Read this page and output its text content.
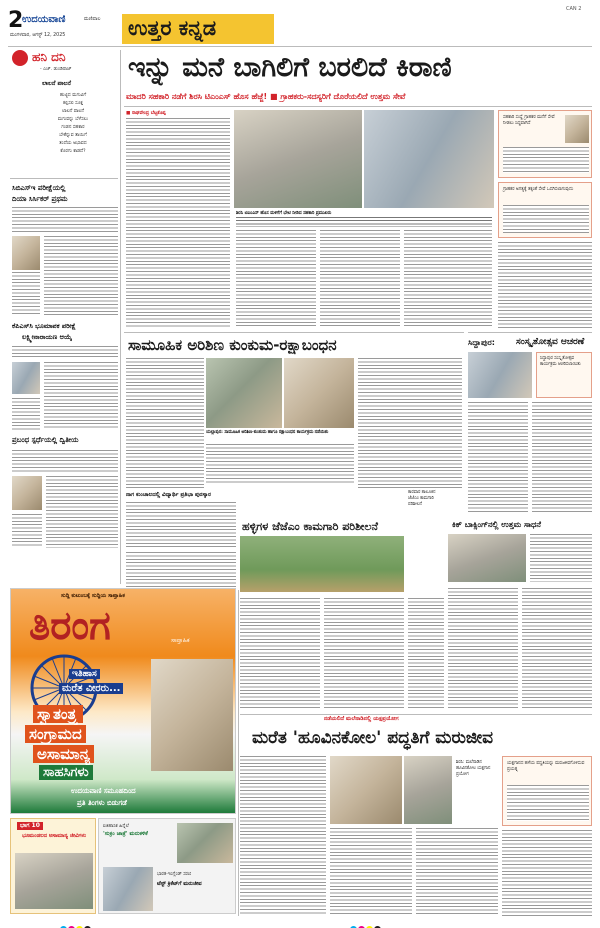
2
ಉದಯವಾಣಿ	ಮಣಿಪಾಲ
ಮಂಗಳವಾರ, ಆಗಸ್ಟ್ 12, 2025	ಉತ್ತರ ಕನ್ನಡ
CAN 2
ಹನಿ ದನಿ
- ಎಚ್. ಡುಂಡಿರಾಜ್
ಲಾಲನೆ ಪಾಲನೆ
ಹುಟ್ಟಿದ ಮಗುವಿಗೆ
ಕಲ್ಪಿಸಲಿ ಸೂಕ್ತ
ಲಾಲನೆ ಪಾಲನೆ
ಮಗುವನ್ನು ಬೆಳೆಸಲು
ಗಂಡನ ಸಹಕಾರ
ಬೇಕೆನ್ನುವ ತಾಯಿಗೆ
ತಂದೆಯ ಅಭಾವದ
ಕೊರಗು ಕಾಡದೆ?
ಸಿಬಿಎಸ್‌ಇ ಪರೀಕ್ಷೆಯಲ್ಲಿ
ದಿಯಾ ಸಿರ್ಸಿಕರ್ ಪ್ರಥಮ
ಕೆಪಿಎಸ್‌ಸಿ ಭೂಮಾಪಕ ಪರೀಕ್ಷೆ
ಲಕ್ಷ್ಮೀನಾರಾಯಣ ಆಯ್ಕೆ
ಪ್ರಬಂಧ ಸ್ಪರ್ಧೆಯಲ್ಲಿ ದ್ವಿತೀಯ
ಇನ್ನು ಮನೆ ಬಾಗಿಲಿಗೆ ಬರಲಿದೆ ಕಿರಾಣಿ
ಮಾದರಿ ಸಹಕಾರಿ ನಡೆಗೆ ಶಿರಸಿ ಟಿಎಂಎಸ್ ಹೊಸ ಹೆಜ್ಜೆ! ■ ಗ್ರಾಹಕರು-ಸದಸ್ಯರಿಗೆ ದೊರೆಯಲಿದೆ ಉತ್ತಮ ಸೇವೆ
■ ರಾಘವೇಂದ್ರ ಬೆಟ್ಟಕೊಪ್ಪ
ಶಿರಸಿ ಟಿಎಂಎಸ್ ಹೊಸ ಮಳಿಗೆಗೆ ಭೇಟಿ ನೀಡಿದ ಸಹಕಾರಿ ಪ್ರಮುಖರು
ಸಹಕಾರಿ ಸಂಸ್ಥೆ ಗ್ರಾಹಕರ ಮನೆಗೆ ಸೇವೆ ನೀಡಲು ಸಿದ್ಧವಾಗಿದೆ
ಗ್ರಾಹಕರ ಅಗತ್ಯಕ್ಕೆ ತಕ್ಕಂತೆ ಸೇವೆ ಒದಗಿಸಲಾಗುವುದು
ಸಾಮೂಹಿಕ ಅರಿಶಿಣ ಕುಂಕುಮ-ರಕ್ಷಾಬಂಧನ
ಯಲ್ಲಾಪುರ: ಸಾಮೂಹಿಕ ಅರಿಶಿಣ-ಕುಂಕುಮ ಹಾಗೂ ರಕ್ಷಾಬಂಧನ ಕಾರ್ಯಕ್ರಮ ನಡೆಯಿತು
ನಾಗ ಕುಂಚಾಲದಲ್ಲಿ ವಿದ್ಯಾರ್ಥಿ ಪ್ರತಿಭಾ ಪುರಸ್ಕಾರ
ಸಿದ್ದಾಪುರ: ಸಂಸ್ಕೃತೋತ್ಸವ ಆಚರಣೆ
ಸಿದ್ದಾಪುರ ಸಂಸ್ಕೃತೋತ್ಸವ ಕಾರ್ಯಕ್ರಮ ಆಚರಿಸಲಾಯಿತು
ಕಿಕ್ ಬಾಕ್ಸಿಂಗ್‌ನಲ್ಲಿ ಉತ್ತಮ ಸಾಧನೆ
ಹಳ್ಳಿಗಳ ಜೆಜೆಎಂ ಕಾಮಗಾರಿ ಪರಿಶೀಲನೆ
ಕಾರವಾರ ತಾಲೂಕಿನ ಜೆಜೆಎಂ ಕಾಮಗಾರಿ ಪರಿಶೀಲನೆ
ಸುದ್ದಿ ಕುಟುಂಬಕ್ಕೆ ಸುದ್ದಿಯ ಸಾಪ್ತಾಹಿಕ
ತಿರಂಗ	ಸಾಪ್ತಾಹಿಕ
ಇತಿಹಾಸ
ಮರೆತ ವೀರರು...
ಸ್ವಾತಂತ್ರ್ಯ
ಸಂಗ್ರಾಮದ
ಅಸಾಮಾನ್ಯ
ಸಾಹಸಿಗಳು
ಉದಯವಾಣಿ ಸಮೂಹದಿಂದ
ಪ್ರತಿ ತಿಂಗಳು ಬಿಡುಗಡೆ
ಭಾಗ 10
ಭೂಮಂಡಲದ ಅಸಾಮಾನ್ಯ ಜೀವಿಗಳು
ಐತಿಹಾಸಿಕ ಹಿನ್ನೆಲೆ
'ಸುಕ್ರಂ ಜಾತ್ರೆ' ಮರುಕಳಿಕೆ
ಭಾರತ-ಇಂಗ್ಲೆಂಡ್ ಸರಣಿ
ಟೆಸ್ಟ್ ಕ್ರಿಕೆಟ್‌ಗೆ ಮರುಜೀವ
ನಡೆಯಲಿದೆ ಮಲೆನಾಡಿನಲ್ಲಿ ಯಕ್ಷಪ್ರಯೋಗ
ಮರೆತ 'ಹೂವಿನಕೋಲ' ಪದ್ಧತಿಗೆ ಮರುಜೀವ
ಶಿರಸಿ: ಮಲೆನಾಡಿನ ಹೂವಿನಕೋಲ ಯಕ್ಷಗಾನ ಪ್ರಯೋಗ
ಯಕ್ಷಗಾನದ ಹಳೆಯ ಪದ್ಧತಿಯನ್ನು ಮರುಜೀವಗೊಳಿಸುವ ಪ್ರಯತ್ನ
